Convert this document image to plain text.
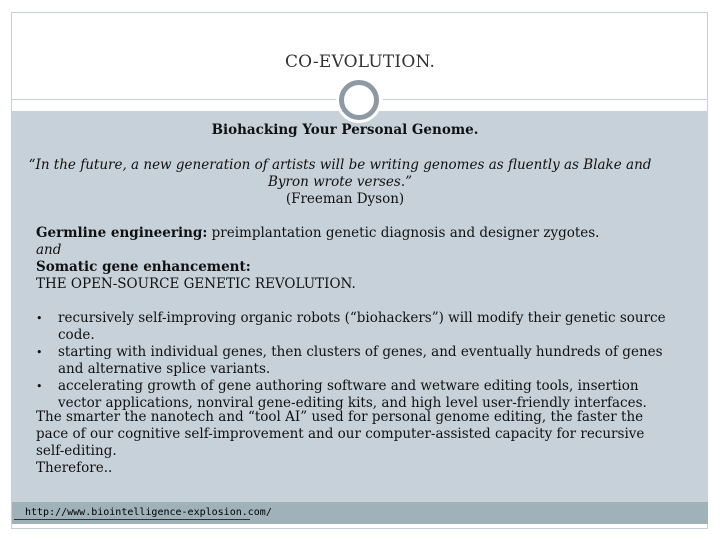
CO-EVOLUTION.
Biohacking Your Personal Genome.
“In the future, a new generation of artists will be writing genomes as fluently as Blake and
Byron wrote verses.”
(Freeman Dyson)
Germline engineering: preimplantation genetic diagnosis and designer zygotes.
and
Somatic gene enhancement:
THE OPEN-SOURCE GENETIC REVOLUTION.
• recursively self-improving organic robots (“biohackers”) will modify their genetic source code.
• starting with individual genes, then clusters of genes, and eventually hundreds of genes and alternative splice variants.
• accelerating growth of gene authoring software and wetware editing tools, insertion vector applications, nonviral gene-editing kits, and high level user-friendly interfaces.
The smarter the nanotech and “tool AI” used for personal genome editing, the faster the pace of our cognitive self-improvement and our computer-assisted capacity for recursive self-editing.
Therefore..
http://www.biointelligence-explosion.com/
